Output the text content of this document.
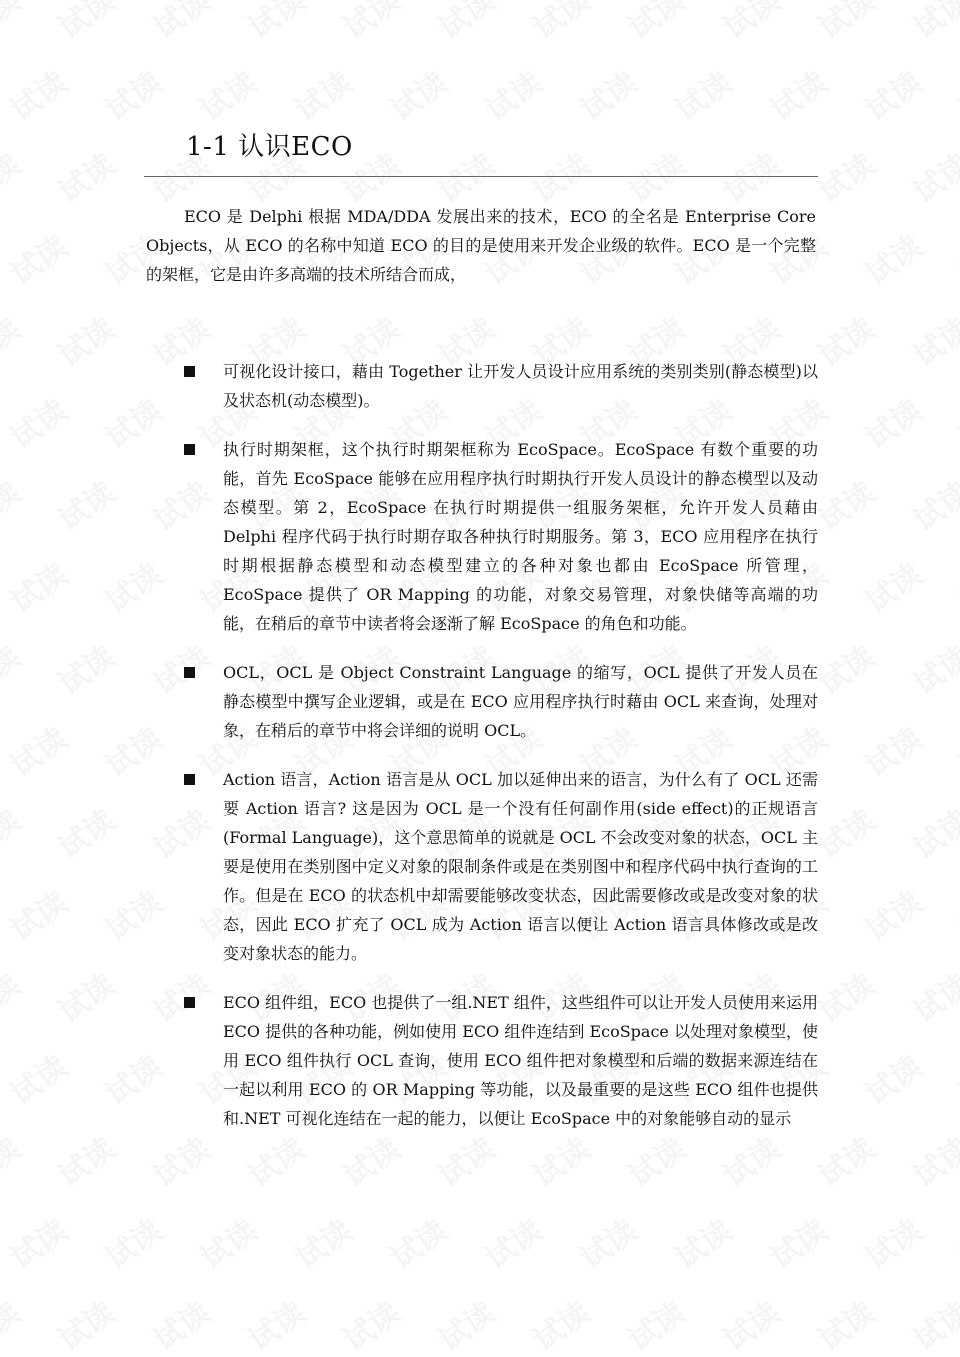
1-1 认识ECO

ECO 是 Delphi 根据 MDA/DDA 发展出来的技术，ECO 的全名是 Enterprise Core Objects，从 ECO 的名称中知道 ECO 的目的是使用来开发企业级的软件。ECO 是一个完整的架框，它是由许多高端的技术所结合而成，

可视化设计接口，藉由 Together 让开发人员设计应用系统的类别类别(静态模型)以及状态机(动态模型)。

执行时期架框，这个执行时期架框称为 EcoSpace。EcoSpace 有数个重要的功能，首先 EcoSpace 能够在应用程序执行时期执行开发人员设计的静态模型以及动态模型。第 2，EcoSpace 在执行时期提供一组服务架框，允许开发人员藉由 Delphi 程序代码于执行时期存取各种执行时期服务。第 3，ECO 应用程序在执行时期根据静态模型和动态模型建立的各种对象也都由 EcoSpace 所管理，EcoSpace 提供了 OR Mapping 的功能，对象交易管理，对象快储等高端的功能，在稍后的章节中读者将会逐渐了解 EcoSpace 的角色和功能。

OCL，OCL 是 Object Constraint Language 的缩写，OCL 提供了开发人员在静态模型中撰写企业逻辑，或是在 ECO 应用程序执行时藉由 OCL 来查询，处理对象，在稍后的章节中将会详细的说明 OCL。

Action 语言，Action 语言是从 OCL 加以延伸出来的语言，为什么有了 OCL 还需要 Action 语言? 这是因为 OCL 是一个没有任何副作用(side effect)的正规语言(Formal Language)，这个意思简单的说就是 OCL 不会改变对象的状态，OCL 主要是使用在类别图中定义对象的限制条件或是在类别图中和程序代码中执行查询的工作。但是在 ECO 的状态机中却需要能够改变状态，因此需要修改或是改变对象的状态，因此 ECO 扩充了 OCL 成为 Action 语言以便让 Action 语言具体修改或是改变对象状态的能力。

ECO 组件组，ECO 也提供了一组.NET 组件，这些组件可以让开发人员使用来运用 ECO 提供的各种功能，例如使用 ECO 组件连结到 EcoSpace 以处理对象模型，使用 ECO 组件执行 OCL 查询，使用 ECO 组件把对象模型和后端的数据来源连结在一起以利用 ECO 的 OR Mapping 等功能，以及最重要的是这些 ECO 组件也提供和.NET 可视化连结在一起的能力，以便让 EcoSpace 中的对象能够自动的显示
